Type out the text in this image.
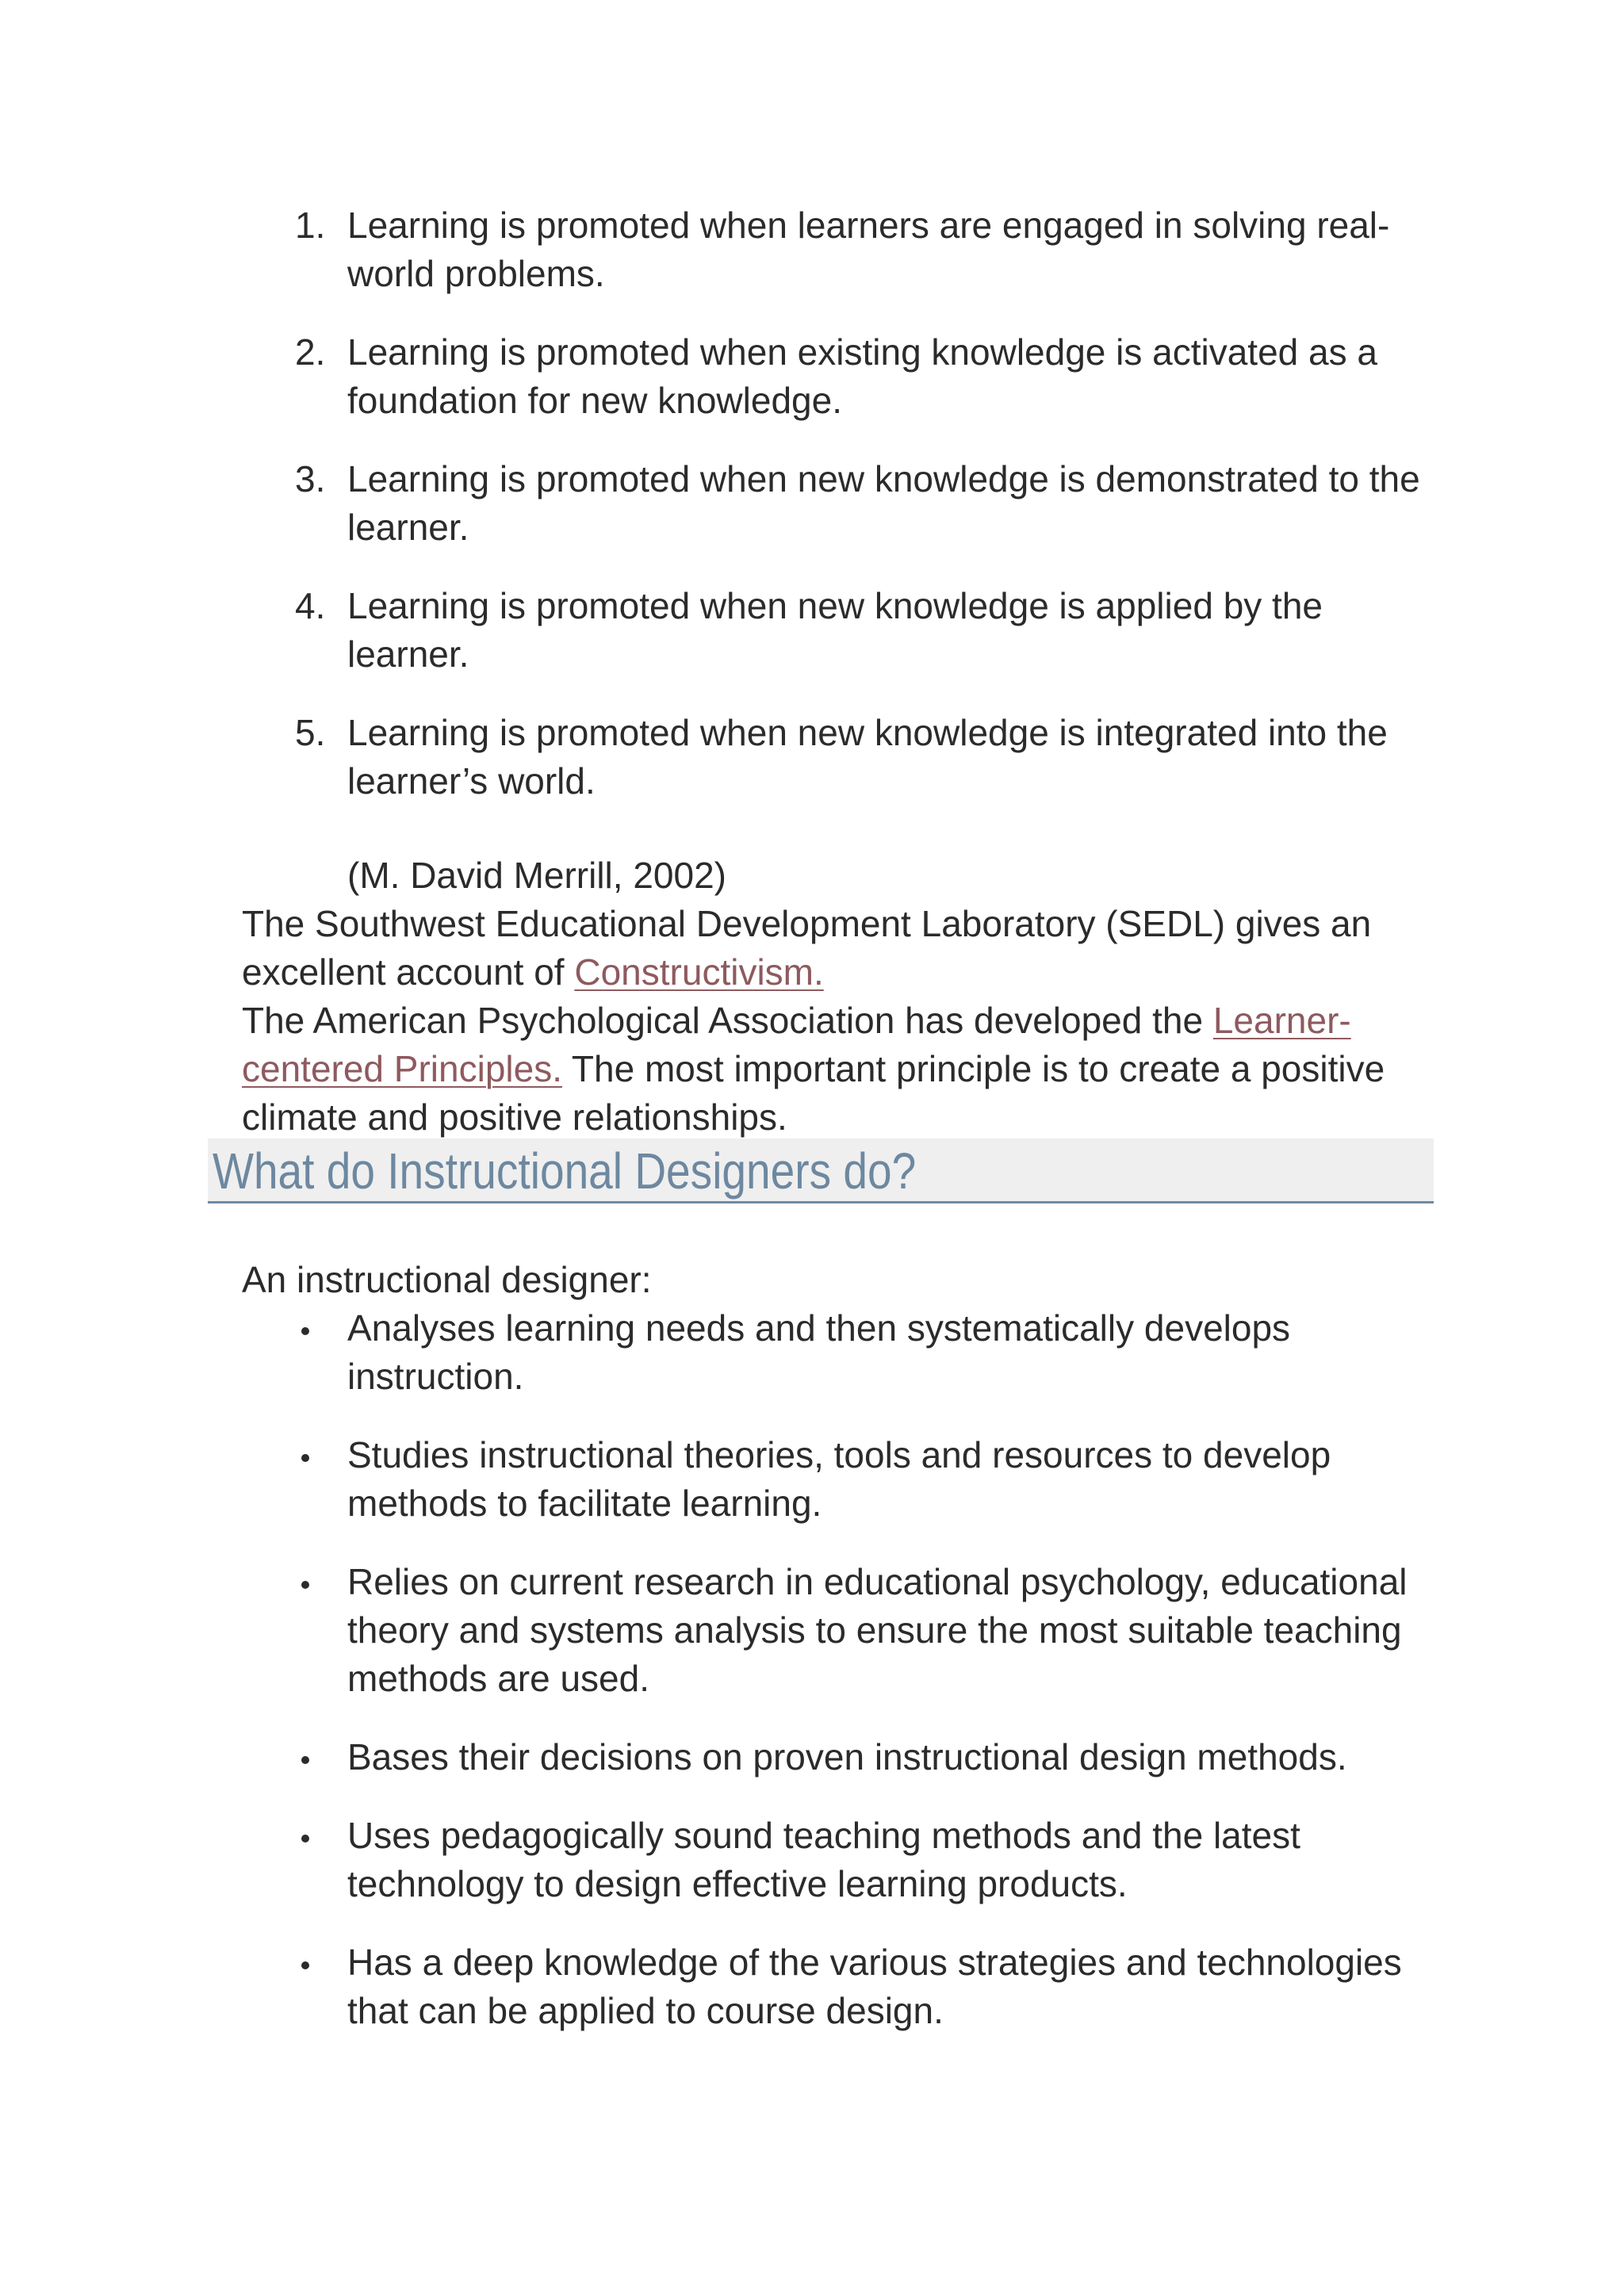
1. Learning is promoted when learners are engaged in solving real-world problems.
2. Learning is promoted when existing knowledge is activated as a foundation for new knowledge.
3. Learning is promoted when new knowledge is demonstrated to the learner.
4. Learning is promoted when new knowledge is applied by the learner.
5. Learning is promoted when new knowledge is integrated into the learner’s world.
(M. David Merrill, 2002)

The Southwest Educational Development Laboratory (SEDL) gives an excellent account of Constructivism.

The American Psychological Association has developed the Learner-centered Principles. The most important principle is to create a positive climate and positive relationships.

What do Instructional Designers do?
An instructional designer:
Analyses learning needs and then systematically develops instruction.
Studies instructional theories, tools and resources to develop methods to facilitate learning.
Relies on current research in educational psychology, educational theory and systems analysis to ensure the most suitable teaching methods are used.
Bases their decisions on proven instructional design methods.
Uses pedagogically sound teaching methods and the latest technology to design effective learning products.
Has a deep knowledge of the various strategies and technologies that can be applied to course design.
